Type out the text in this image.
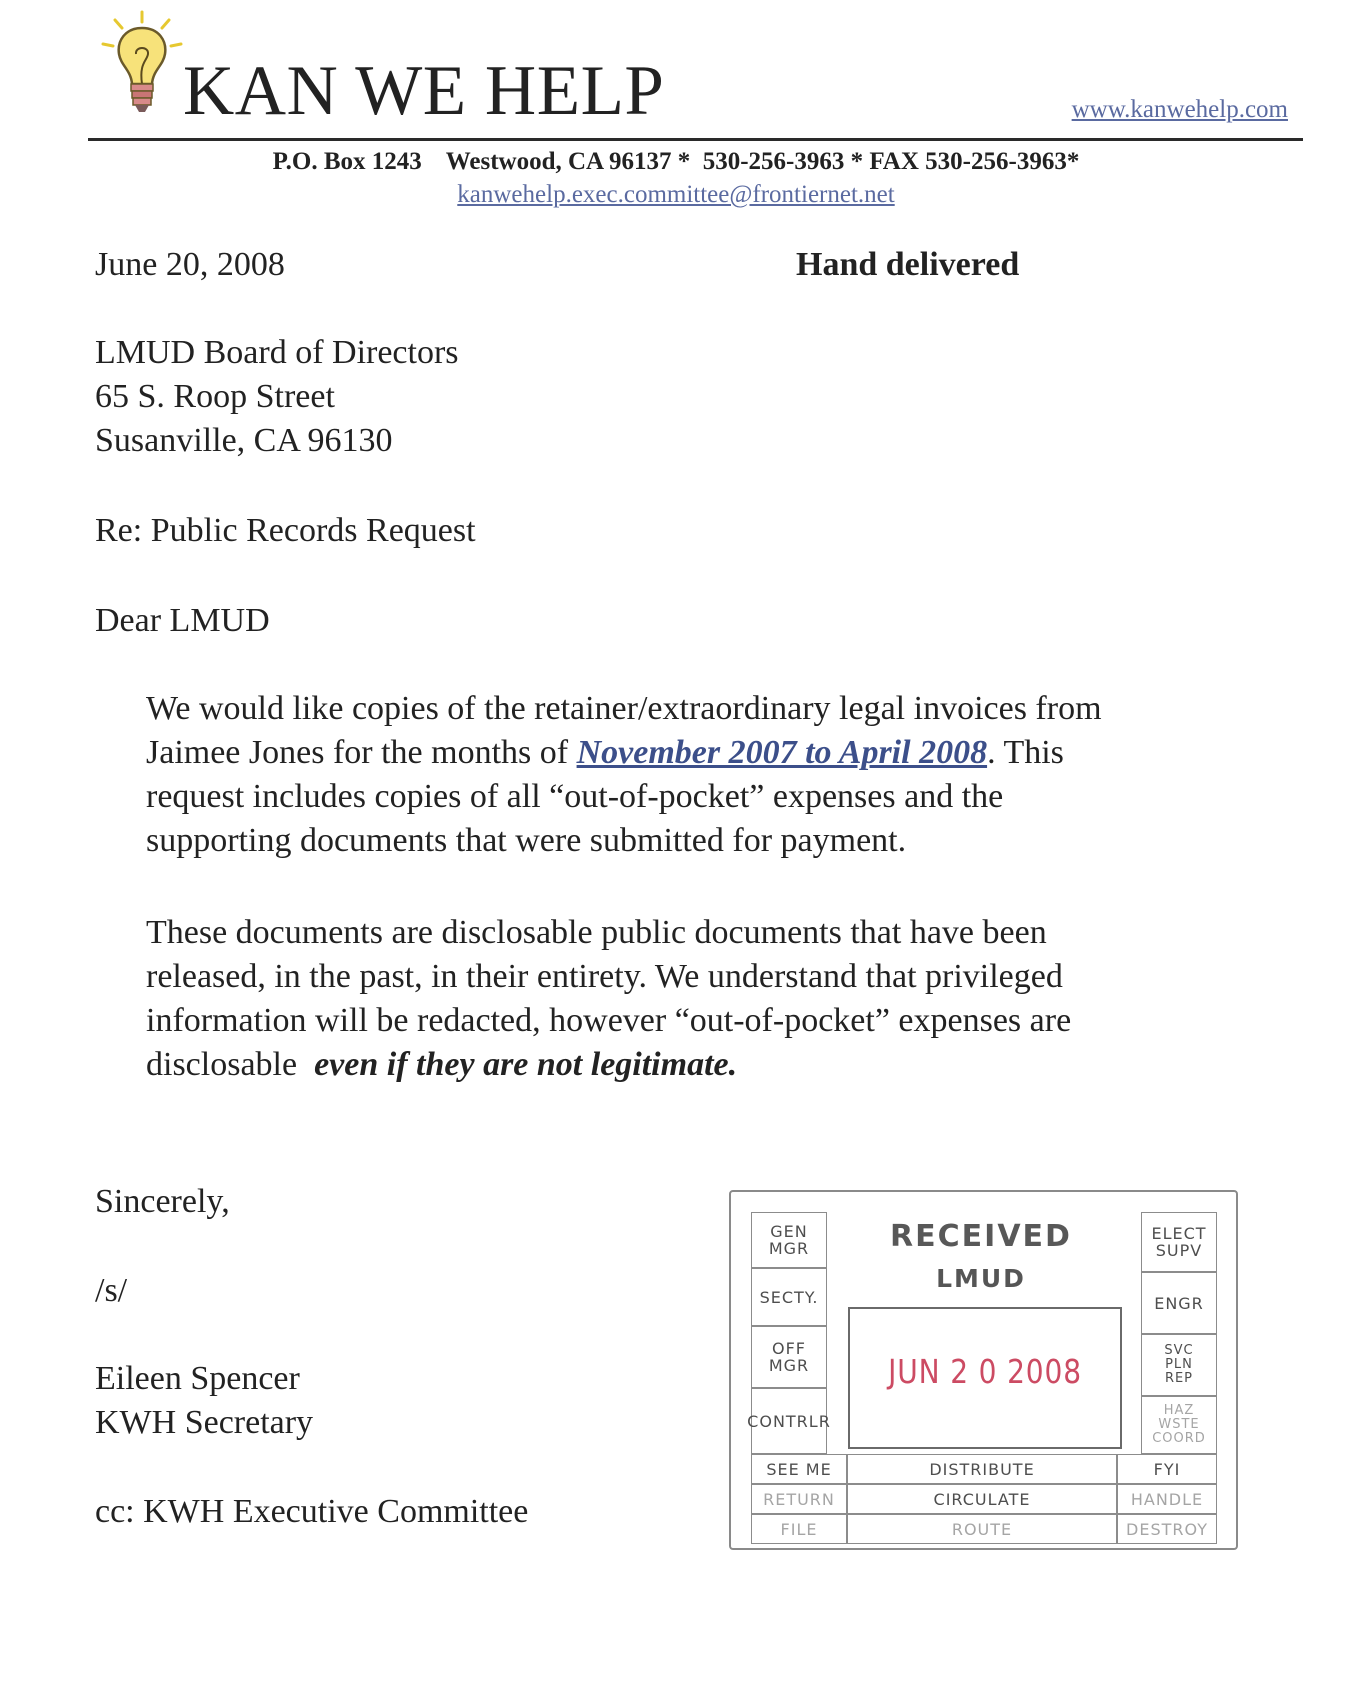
KAN WE HELP	www.kanwehelp.com
P.O. Box 1243 Westwood, CA 96137 * 530-256-3963 * FAX 530-256-3963*
kanwehelp.exec.committee@frontiernet.net
June 20, 2008	Hand delivered
LMUD Board of Directors
65 S. Roop Street
Susanville, CA 96130
Re: Public Records Request
Dear LMUD
We would like copies of the retainer/extraordinary legal invoices from
Jaimee Jones for the months of November 2007 to April 2008. This
request includes copies of all “out-of-pocket” expenses and the
supporting documents that were submitted for payment.
These documents are disclosable public documents that have been
released, in the past, in their entirety. We understand that privileged
information will be redacted, however “out-of-pocket” expenses are
disclosable  even if they are not legitimate.
Sincerely,
/s/
Eileen Spencer
KWH Secretary
cc: KWH Executive Committee
GEN
MGR
SECTY.
OFF
MGR
CONTRLR
ELECT
SUPV
ENGR
SVC
PLN
REP
HAZ
WSTE
COORD
RECEIVED
LMUD
JUN 2 0 2008
SEE ME
RETURN
FILE
DISTRIBUTE
CIRCULATE
ROUTE
FYI
HANDLE
DESTROY
